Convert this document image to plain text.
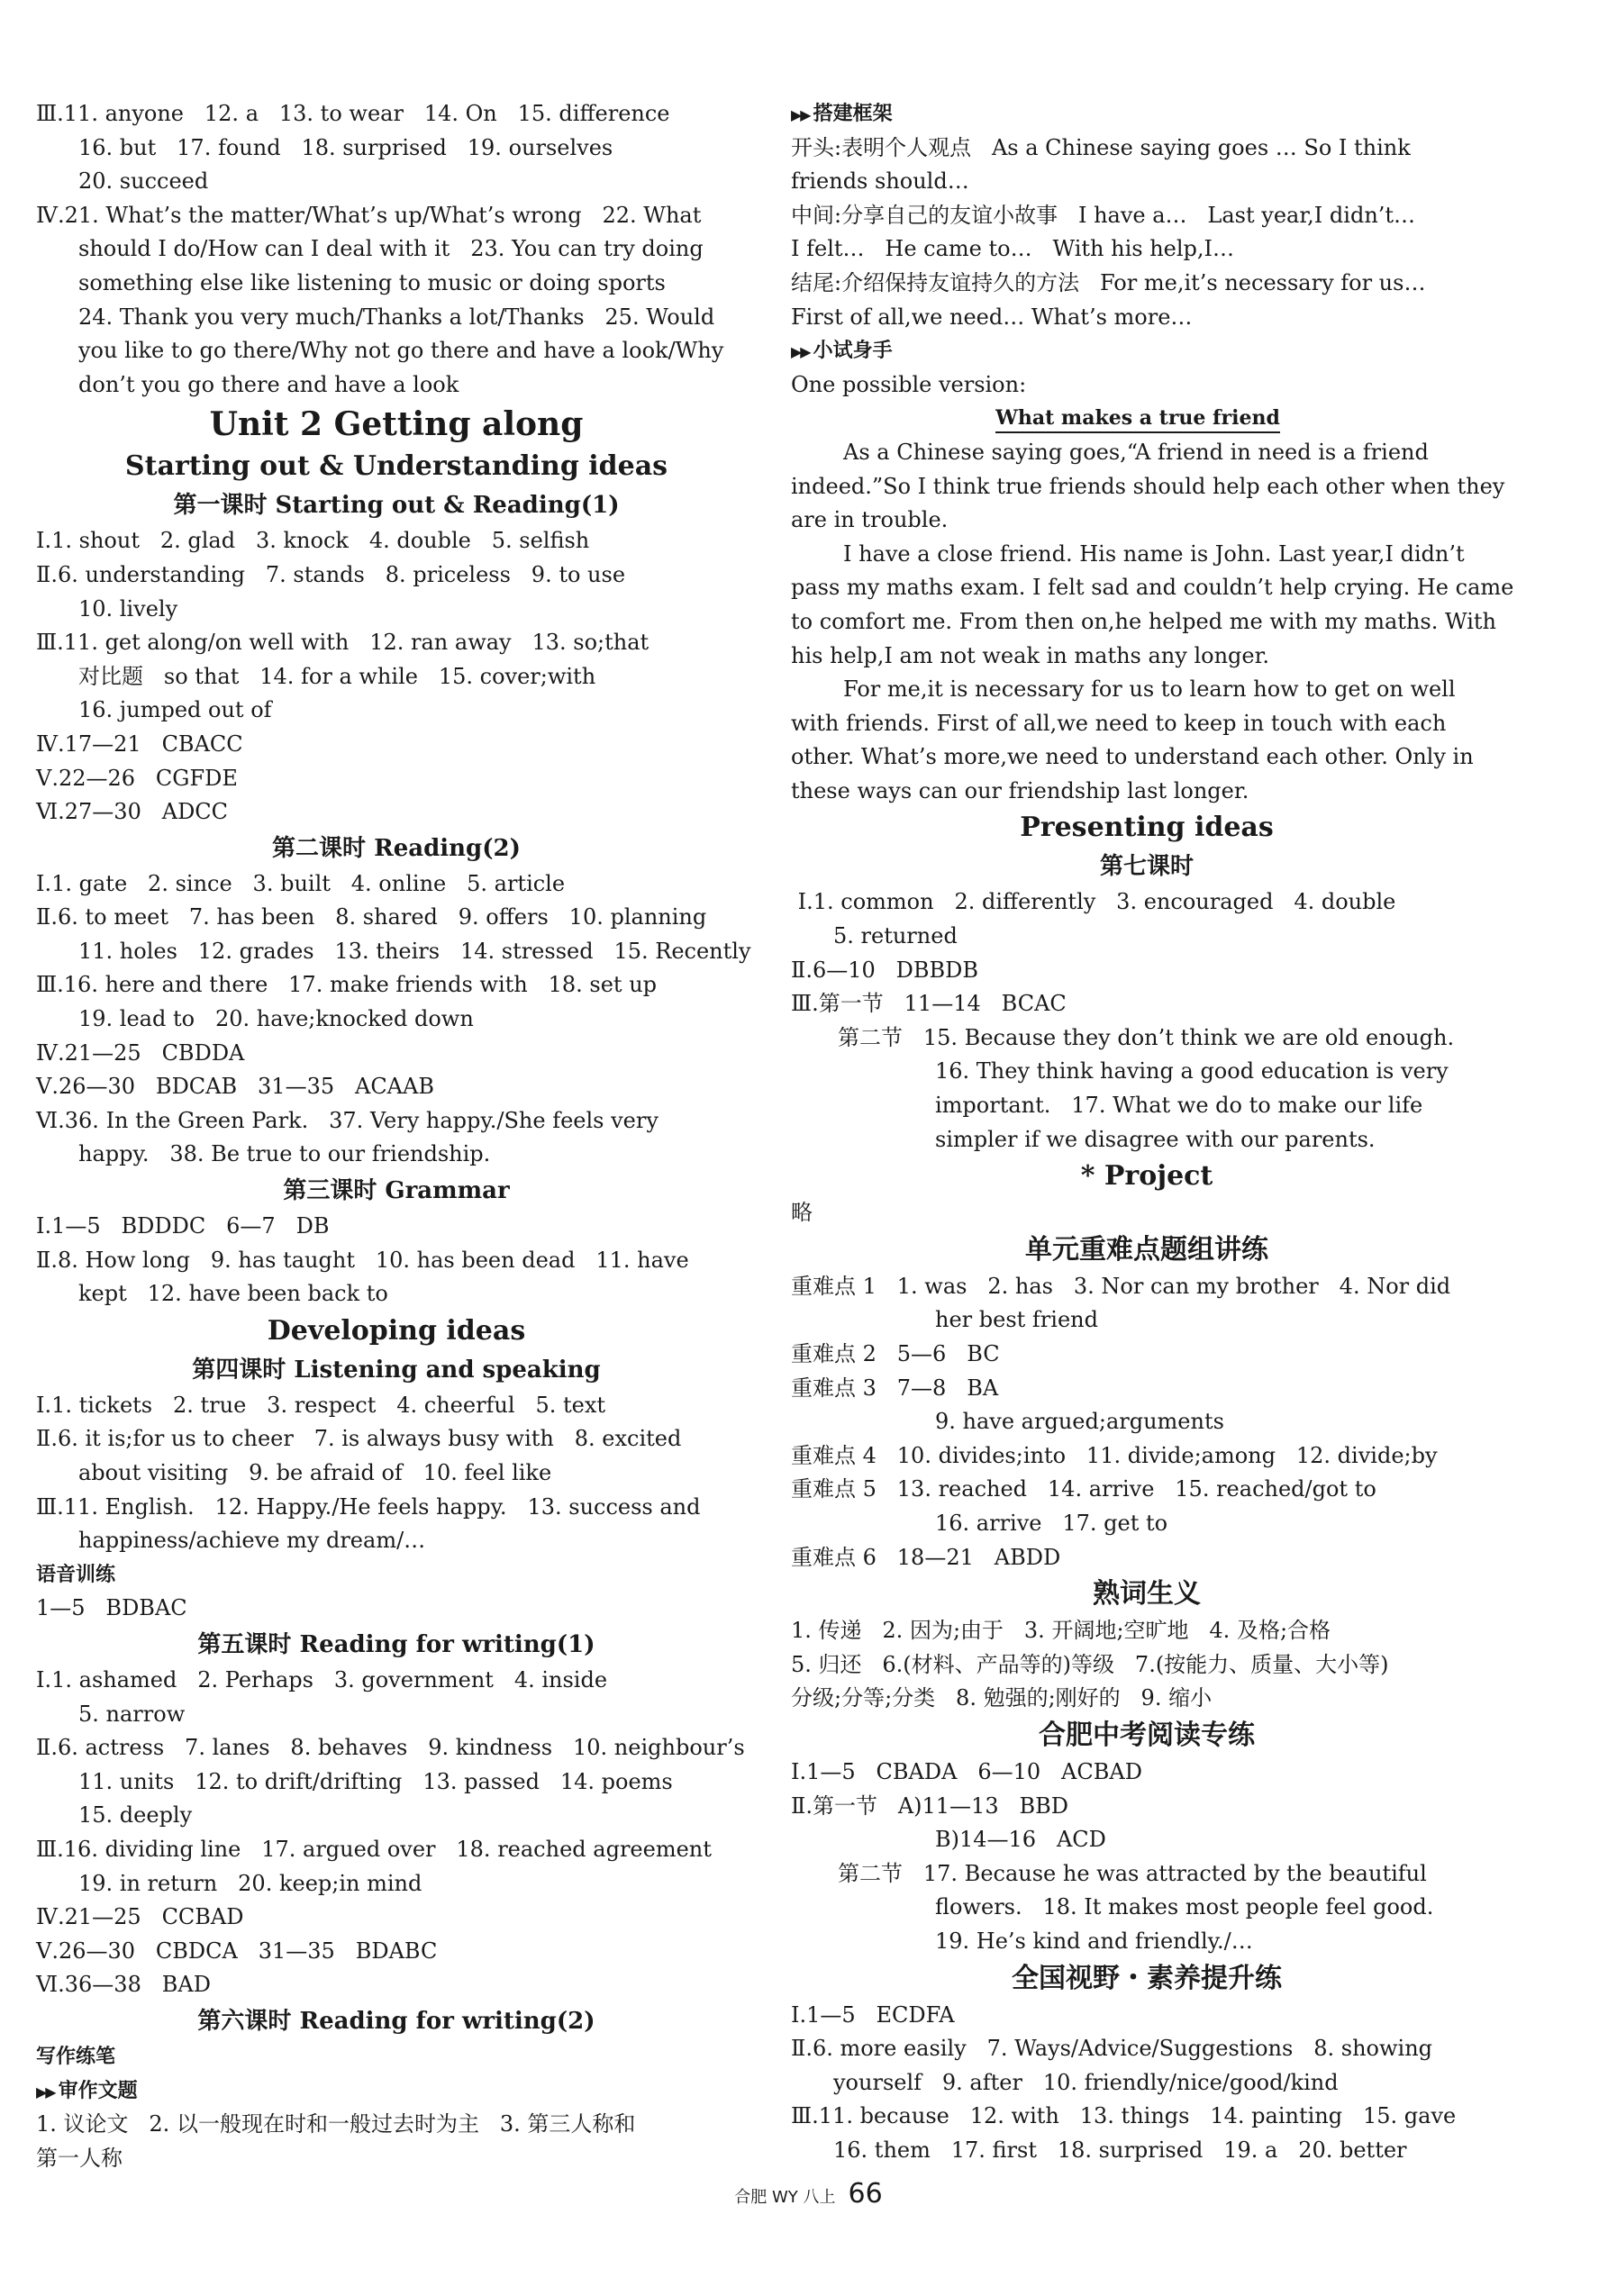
Ⅲ.11. anyone   12. a   13. to wear   14. On   15. difference
16. but   17. found   18. surprised   19. ourselves
20. succeed
Ⅳ.21. What’s the matter/What’s up/What’s wrong   22. What
should I do/How can I deal with it   23. You can try doing
something else like listening to music or doing sports
24. Thank you very much/Thanks a lot/Thanks   25. Would
you like to go there/Why not go there and have a look/Why
don’t you go there and have a look
Unit 2 Getting along
Starting out & Understanding ideas
第一课时 Starting out & Reading(1)
Ⅰ.1. shout   2. glad   3. knock   4. double   5. selfish
Ⅱ.6. understanding   7. stands   8. priceless   9. to use
10. lively
Ⅲ.11. get along/on well with   12. ran away   13. so;that
对比题   so that   14. for a while   15. cover;with
16. jumped out of
Ⅳ.17—21   CBACC
Ⅴ.22—26   CGFDE
Ⅵ.27—30   ADCC
第二课时 Reading(2)
Ⅰ.1. gate   2. since   3. built   4. online   5. article
Ⅱ.6. to meet   7. has been   8. shared   9. offers   10. planning
11. holes   12. grades   13. theirs   14. stressed   15. Recently
Ⅲ.16. here and there   17. make friends with   18. set up
19. lead to   20. have;knocked down
Ⅳ.21—25   CBDDA
Ⅴ.26—30   BDCAB   31—35   ACAAB
Ⅵ.36. In the Green Park.   37. Very happy./She feels very
happy.   38. Be true to our friendship.
第三课时 Grammar
Ⅰ.1—5   BDDDC   6—7   DB
Ⅱ.8. How long   9. has taught   10. has been dead   11. have
kept   12. have been back to
Developing ideas
第四课时 Listening and speaking
Ⅰ.1. tickets   2. true   3. respect   4. cheerful   5. text
Ⅱ.6. it is;for us to cheer   7. is always busy with   8. excited
about visiting   9. be afraid of   10. feel like
Ⅲ.11. English.   12. Happy./He feels happy.   13. success and
happiness/achieve my dream/…
语音训练
1—5   BDBAC
第五课时 Reading for writing(1)
Ⅰ.1. ashamed   2. Perhaps   3. government   4. inside
5. narrow
Ⅱ.6. actress   7. lanes   8. behaves   9. kindness   10. neighbour’s
11. units   12. to drift/drifting   13. passed   14. poems
15. deeply
Ⅲ.16. dividing line   17. argued over   18. reached agreement
19. in return   20. keep;in mind
Ⅳ.21—25   CCBAD
Ⅴ.26—30   CBDCA   31—35   BDABC
Ⅵ.36—38   BAD
第六课时 Reading for writing(2)
写作练笔
▶▶ 审作文题
1. 议论文   2. 以一般现在时和一般过去时为主   3. 第三人称和
第一人称
▶▶ 搭建框架
开头:表明个人观点   As a Chinese saying goes … So I think
friends should…
中间:分享自己的友谊小故事   I have a…   Last year,I didn’t…
I felt…   He came to…   With his help,I…
结尾:介绍保持友谊持久的方法   For me,it’s necessary for us…
First of all,we need… What’s more…
▶▶ 小试身手
One possible version:
What makes a true friend
As a Chinese saying goes,“A friend in need is a friend
indeed.”So I think true friends should help each other when they
are in trouble.
I have a close friend. His name is John. Last year,I didn’t
pass my maths exam. I felt sad and couldn’t help crying. He came
to comfort me. From then on,he helped me with my maths. With
his help,I am not weak in maths any longer.
For me,it is necessary for us to learn how to get on well
with friends. First of all,we need to keep in touch with each
other. What’s more,we need to understand each other. Only in
these ways can our friendship last longer.
Presenting ideas
第七课时
Ⅰ.1. common   2. differently   3. encouraged   4. double
5. returned
Ⅱ.6—10   DBBDB
Ⅲ.第一节   11—14   BCAC
第二节   15. Because they don’t think we are old enough.
16. They think having a good education is very
important.   17. What we do to make our life
simpler if we disagree with our parents.
* Project
略
单元重难点题组讲练
重难点 1   1. was   2. has   3. Nor can my brother   4. Nor did
her best friend
重难点 2   5—6   BC
重难点 3   7—8   BA
9. have argued;arguments
重难点 4   10. divides;into   11. divide;among   12. divide;by
重难点 5   13. reached   14. arrive   15. reached/got to
16. arrive   17. get to
重难点 6   18—21   ABDD
熟词生义
1. 传递   2. 因为;由于   3. 开阔地;空旷地   4. 及格;合格
5. 归还   6.(材料、产品等的)等级   7.(按能力、质量、大小等)
分级;分等;分类   8. 勉强的;刚好的   9. 缩小
合肥中考阅读专练
Ⅰ.1—5   CBADA   6—10   ACBAD
Ⅱ.第一节   A)11—13   BBD
B)14—16   ACD
第二节   17. Because he was attracted by the beautiful
flowers.   18. It makes most people feel good.
19. He’s kind and friendly./…
全国视野・素养提升练
Ⅰ.1—5   ECDFA
Ⅱ.6. more easily   7. Ways/Advice/Suggestions   8. showing
yourself   9. after   10. friendly/nice/good/kind
Ⅲ.11. because   12. with   13. things   14. painting   15. gave
16. them   17. first   18. surprised   19. a   20. better
合肥 WY 八上 66
